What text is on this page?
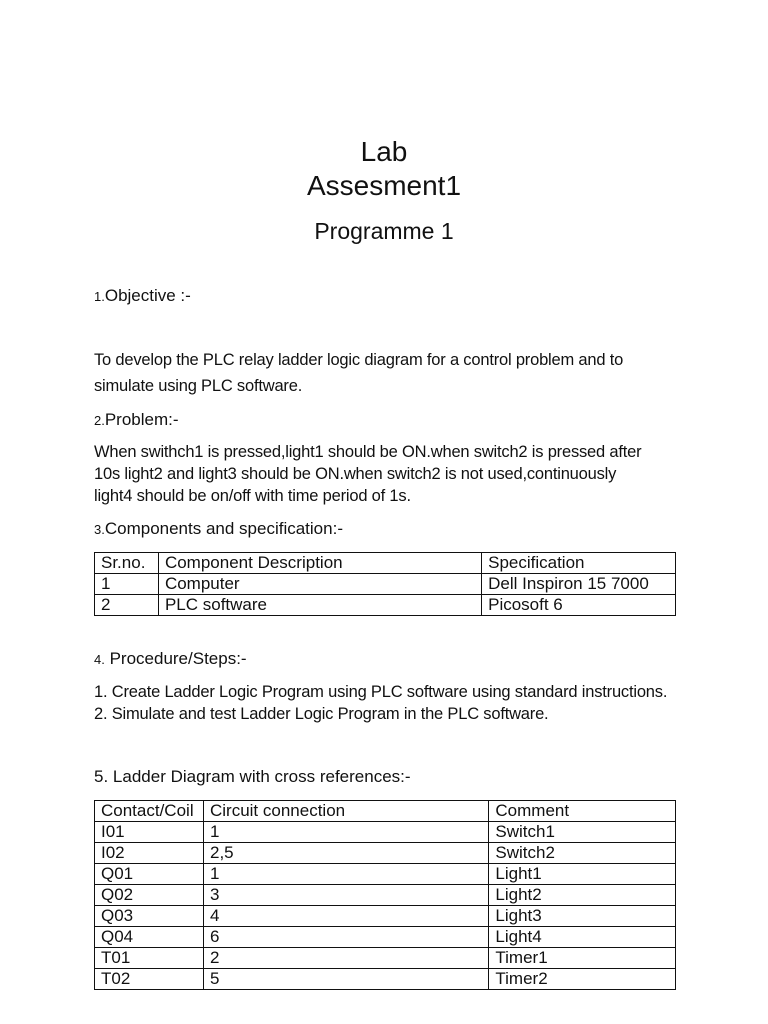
Lab
Assesment1
Programme 1
1.Objective :-

To develop the PLC relay ladder logic diagram for a control problem and to

simulate using PLC software.

2.Problem:-

When swithch1 is pressed,light1 should be ON.when switch2 is pressed after

10s light2 and light3 should be ON.when switch2 is not used,continuously

light4 should be on/off with time period of 1s.

3.Components and specification:-
Sr.no.	Component Description	Specification
1	Computer	Dell Inspiron 15 7000
2	PLC software	Picosoft 6
4. Procedure/Steps:-

1. Create Ladder Logic Program using PLC software using standard instructions.

2. Simulate and test Ladder Logic Program in the PLC software.

5. Ladder Diagram with cross references:-
Contact/Coil	Circuit connection	Comment
I01	1	Switch1
I02	2,5	Switch2
Q01	1	Light1
Q02	3	Light2
Q03	4	Light3
Q04	6	Light4
T01	2	Timer1
T02	5	Timer2
